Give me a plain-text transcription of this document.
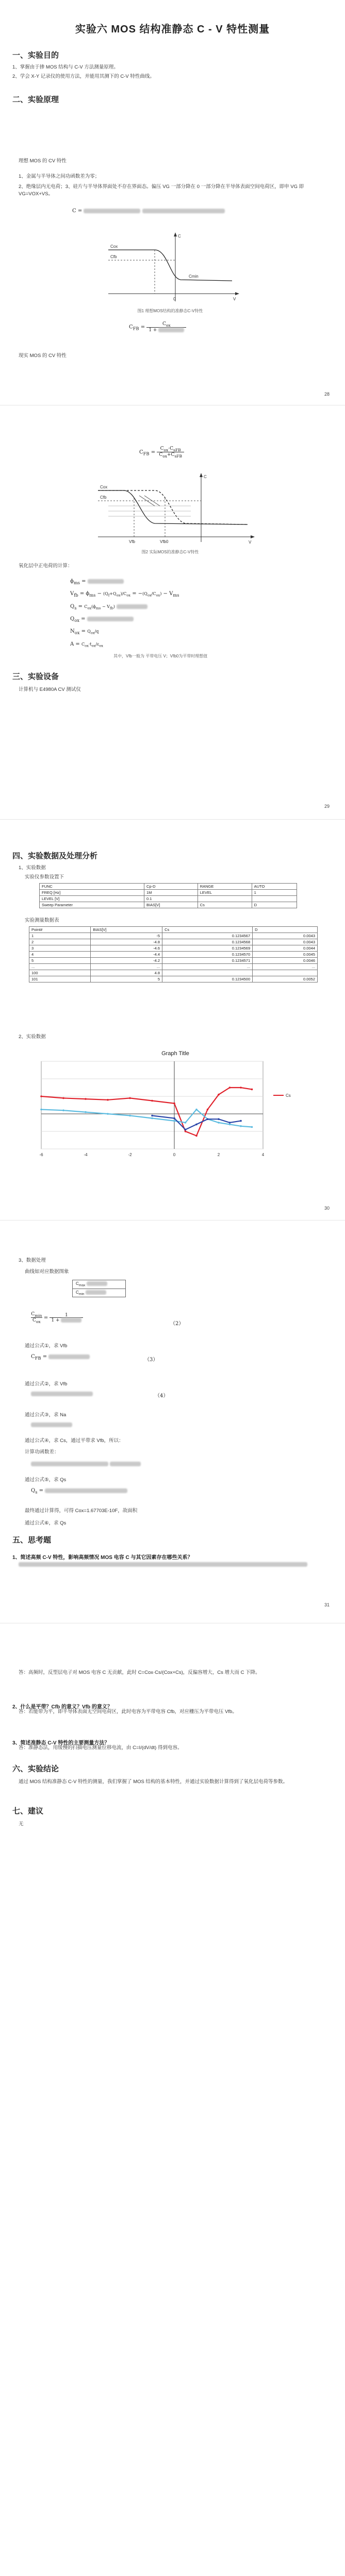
实验六 MOS 结构准静态 C - V 特性测量
一、实验目的

1、掌握由于掺 MOS 结构与 C-V 方法测量原理。

2、学会 X-Y 记录仪的使用方法，并能用其测下的 C-V 特性曲线。

二、实验原理

理想 MOS 的 CV 特性

1、金属与半导体之间功函数差为零；

2、绝缘层内无电荷；3、硅片与半导体界面处不存在界面态。偏压 VG 一部分降在 0 一部分降在半导体表面空间电荷区，即申 VG 即 VG=VOX+VS。

C =
Cox
Cfb
C
V
0
Cmin
图1 理想MOS结构的准静态C-V特性
$C_{FB} = C_{ox}$
1 +

现实 MOS 的 CV 特性

28
$C_{FB} = C_{ox}\cdot C_{sFB}$
$C_{ox}+C_{sFB}$
Cox
Cfb
Vfb	Vfb0
C
V
图2 实际MOS的准静态C-V特性

氧化层中正电荷的计算：

$\phi_{ms}$ =
$V_{fb} = \phi_{ms} - (Q_f+Q_{ox})/C_{ox} = -(Q_{ox}/C_{ox}) - V_{ms}$
$Q_s = C_{ox}(\phi_{ms} - V_{fb})$
$Q_{ox}$ =
$N_{ox} = Q_{ox}/q$
$A = C_{ox}\cdot t_{ox}/\varepsilon_{ox}$
其中，Vfb一般为 平带电压 V；Vfb0为平带时理想值
三、实验设备

计算机与 E4980A CV 测试仪

29
四、实验数据及处理分析

1、实验数据

实验仪参数设置下

FUNC	Cp-D	RANGE	AUTO
FREQ [Hz]	1M	LEVEL	1
LEVEL [V]	0.1		
Sweep Parameter	BIAS[V]	Cs	D

实验测量数据表

Point#	BIAS[V]	Cs	D
1	-5	0.1234567	0.0043
2	-4.8	0.1234568	0.0043
3	-4.6	0.1234569	0.0044
4	-4.4	0.1234570	0.0045
5	-4.2	0.1234571	0.0046
...	...	...	...
100	4.8		
101	5	0.1234500	0.0052

2、实验数据

Graph Title
-6	-4	-2	0	2	4
Cs
30

3、数据处理

曲线如对应数据图象

$C_{max}$
$C_{min}$
$C_{min}$
$C_{ox}$ =	1
1 +
（2）

通过公式①，求 Vfb

$C_{FB}$ =
（3）

通过公式②，求 Vfb

（4）

通过公式③，求 Na

通过公式④，求 Cs，通过平带求 Vfb，所以：

计算功函数差：

通过公式⑤，求 Qs

$Q_s$ =

最终通过计算得，可得 Cox=1.67703E-10F，故面积

通过公式⑥，求 Qs

五、思考题

1、简述高频 C-V 特性，影响高频情况 MOS 电容 C 与其它因素存在哪些关系？

31

答：高频时，反型层电子对 MOS 电容 C 无贡献，此时 C=Cox·Cs/(Cox+Cs)，反偏容增大，Cs 增大而 C 下降。

2、什么是平带？Cfb 的意义？Vfb 的意义？

答：若能带为平，即半导体表面无空间电荷区，此时电容为平带电容 Cfb，对应栅压为平带电压 Vfb。

3、简述准静态 C-V 特性的主要测量方法？

答：准静态法，用缓慢的扫描电压测量位移电流，由 C=I/(dV/dt) 得到电容。

六、实验结论

通过 MOS 结构准静态 C-V 特性的测量，我们掌握了 MOS 结构的基本特性，并通过实验数据计算得到了氧化层电荷等参数。

七、建议

无
